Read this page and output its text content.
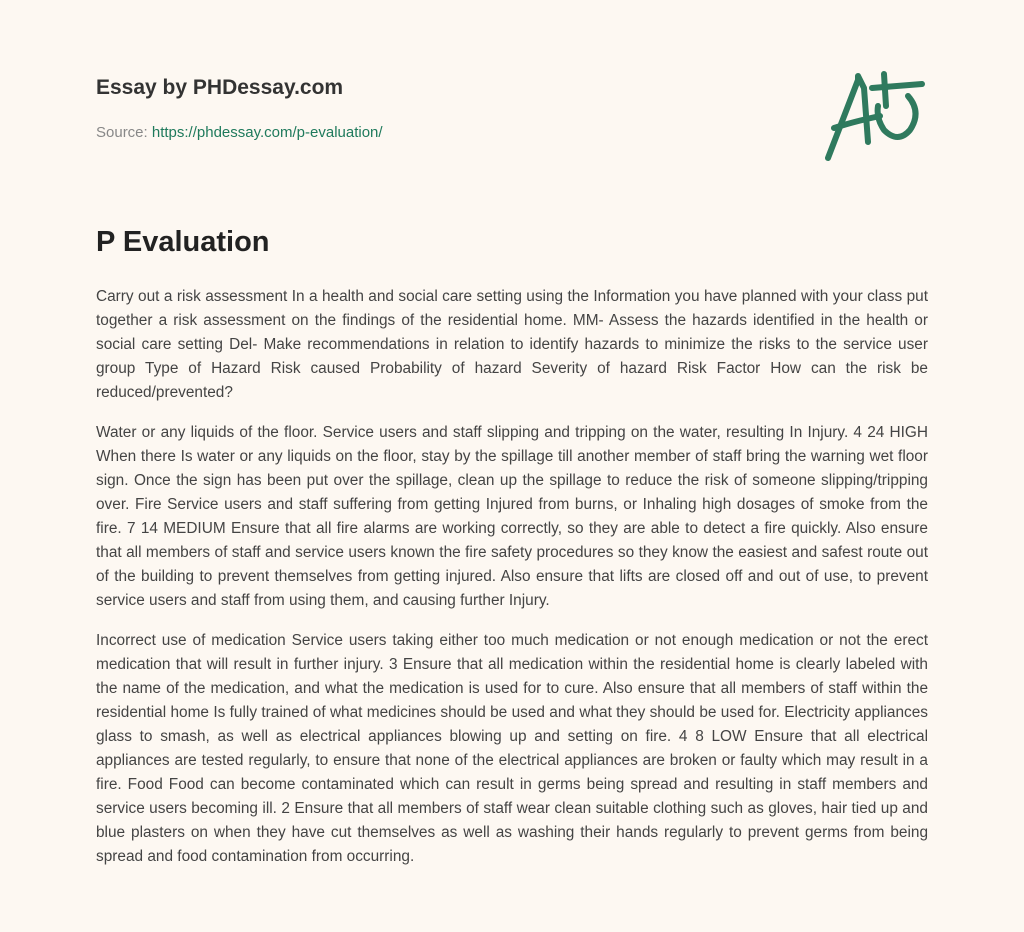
Essay by PHDessay.com
Source: https://phdessay.com/p-evaluation/
P Evaluation

Carry out a risk assessment In a health and social care setting using the Information you have planned with your class put together a risk assessment on the findings of the residential home. MM- Assess the hazards identified in the health or social care setting Del- Make recommendations in relation to identify hazards to minimize the risks to the service user group Type of Hazard Risk caused Probability of hazard Severity of hazard Risk Factor How can the risk be reduced/prevented?

Water or any liquids of the floor. Service users and staff slipping and tripping on the water, resulting In Injury. 4 24 HIGH When there Is water or any liquids on the floor, stay by the spillage till another member of staff bring the warning wet floor sign. Once the sign has been put over the spillage, clean up the spillage to reduce the risk of someone slipping/tripping over. Fire Service users and staff suffering from getting Injured from burns, or Inhaling high dosages of smoke from the fire. 7 14 MEDIUM Ensure that all fire alarms are working correctly, so they are able to detect a fire quickly. Also ensure that all members of staff and service users known the fire safety procedures so they know the easiest and safest route out of the building to prevent themselves from getting injured. Also ensure that lifts are closed off and out of use, to prevent service users and staff from using them, and causing further Injury.

Incorrect use of medication Service users taking either too much medication or not enough medication or not the erect medication that will result in further injury. 3 Ensure that all medication within the residential home is clearly labeled with the name of the medication, and what the medication is used for to cure. Also ensure that all members of staff within the residential home Is fully trained of what medicines should be used and what they should be used for. Electricity appliances glass to smash, as well as electrical appliances blowing up and setting on fire. 4 8 LOW Ensure that all electrical appliances are tested regularly, to ensure that none of the electrical appliances are broken or faulty which may result in a fire. Food Food can become contaminated which can result in germs being spread and resulting in staff members and service users becoming ill. 2 Ensure that all members of staff wear clean suitable clothing such as gloves, hair tied up and blue plasters on when they have cut themselves as well as washing their hands regularly to prevent germs from being spread and food contamination from occurring.
